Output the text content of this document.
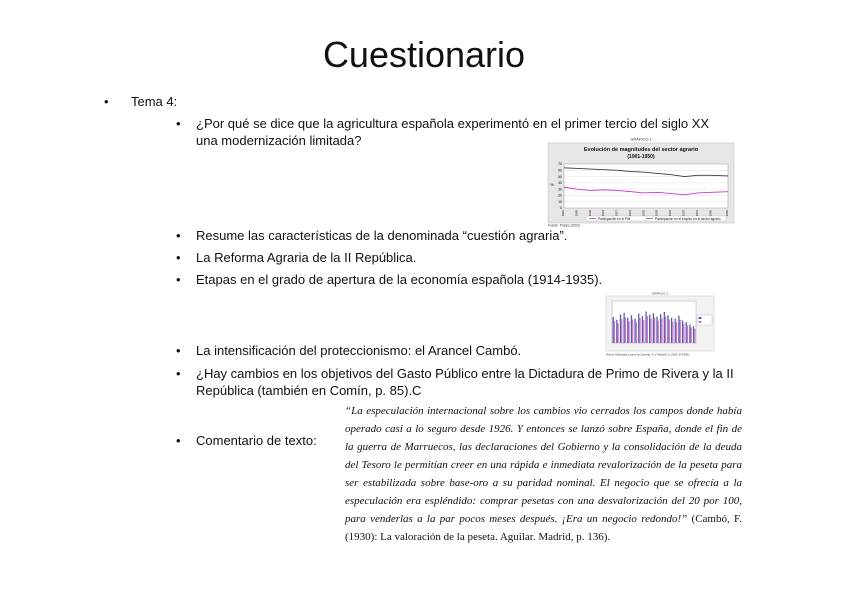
Cuestionario
• Tema 4:
• ¿Por qué se dice que la agricultura española experimentó en el primer tercio del siglo XX una modernización limitada?
• Resume las características de la denominada “cuestión agraria”.
• La Reforma Agraria de la II República.
• Etapas en el grado de apertura de la economía española (1914-1935).
• La intensificación del proteccionismo: el Arancel Cambó.
• ¿Hay cambios en los objetivos del Gasto Público entre la Dictadura de Primo de Rivera y la II República (también en Comín, p. 85).C
• Comentario de texto:
“La especulación internacional sobre los cambios vio cerrados los campos donde había operado casi a lo seguro desde 1926. Y entonces se lanzó sobre España, donde el fin de la guerra de Marruecos, las declaraciones del Gobierno y la consolidación de la deuda del Tesoro le permitían creer en una rápida e inmediata revalorización de la peseta para ser estabilizada sobre base-oro a su paridad nominal. El negocio que se ofrecía a la especulación era espléndido: comprar pesetas con una desvalorización del 20 por 100, para venderlas a la par pocos meses después. ¡Era un negocio redondo!” (Cambó, F. (1930): La valoración de la peseta. Aguilar. Madrid, p. 136).
GRÁFICO 1
Evolución de magnitudes del sector agrario
(1901-1950)
%
0
10
20
30
40
50
60
70
1901	1905	1909	1913	1917	1921	1925	1929	1933	1937	1941	1945	1950
Participación en el PIB	Participación en el empleo en el sector agrario
Fuente: Prados (2003).
GRÁFICO 1
Fuente: Elaborado a partir de Carreras, A. y Tafunell, X. (2005: 579-580).
